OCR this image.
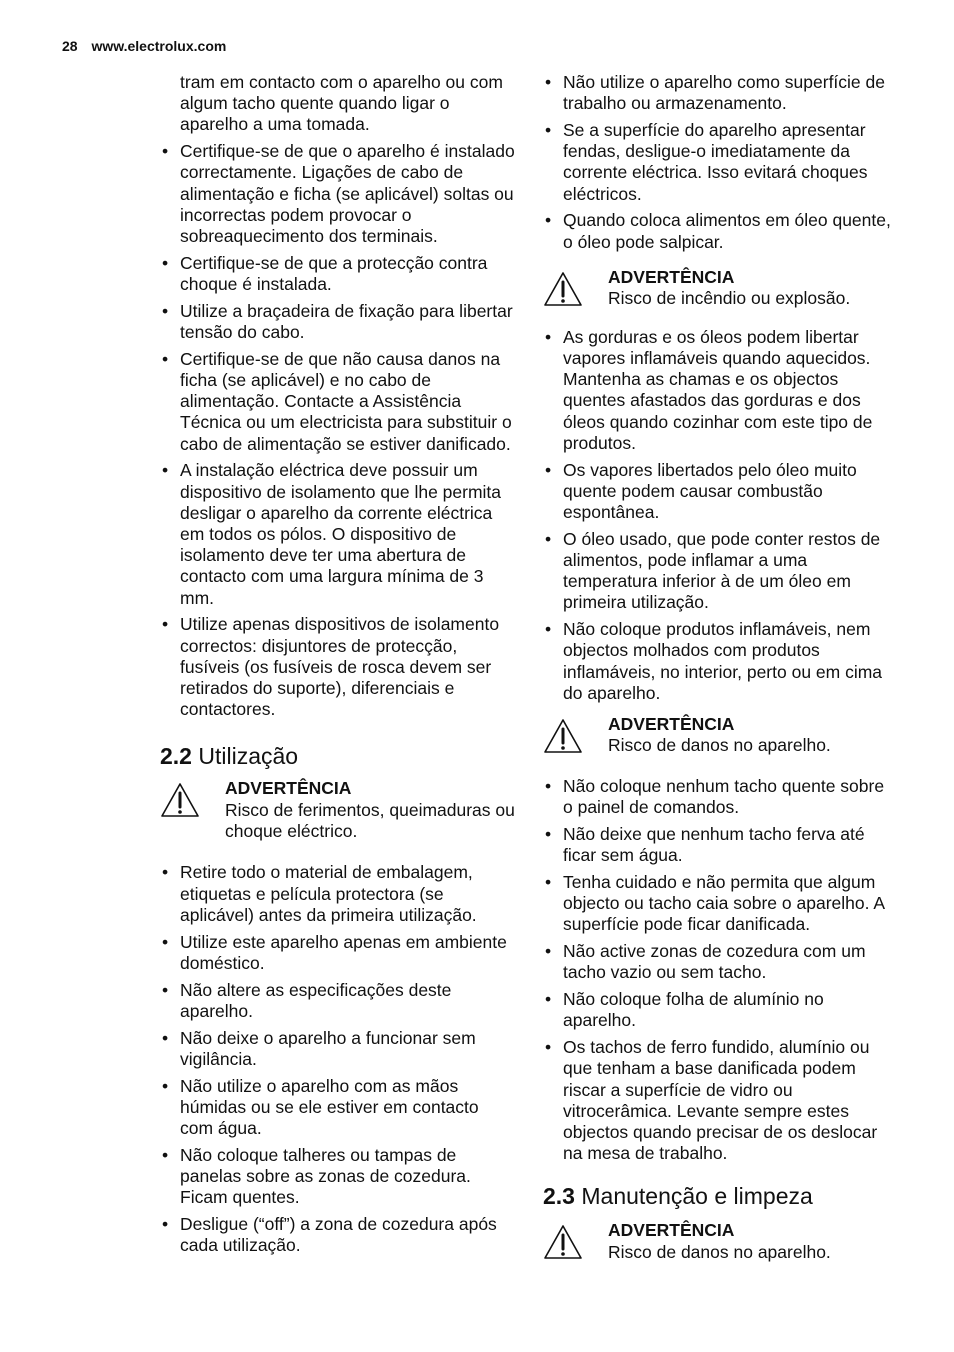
28 www.electrolux.com

tram em contacto com o aparelho ou com algum tacho quente quando ligar o aparelho a uma tomada.

• Certifique-se de que o aparelho é instalado correctamente. Ligações de cabo de alimentação e ficha (se aplicável) soltas ou incorrectas podem provocar o sobreaquecimento dos terminais.
• Certifique-se de que a protecção contra choque é instalada.
• Utilize a braçadeira de fixação para libertar tensão do cabo.
• Certifique-se de que não causa danos na ficha (se aplicável) e no cabo de alimentação. Contacte a Assistência Técnica ou um electricista para substituir o cabo de alimentação se estiver danificado.
• A instalação eléctrica deve possuir um dispositivo de isolamento que lhe permita desligar o aparelho da corrente eléctrica em todos os pólos. O dispositivo de isolamento deve ter uma abertura de contacto com uma largura mínima de 3 mm.
• Utilize apenas dispositivos de isolamento correctos: disjuntores de protecção, fusíveis (os fusíveis de rosca devem ser retirados do suporte), diferenciais e contactores.
2.2 Utilização
ADVERTÊNCIA
Risco de ferimentos, queimaduras ou choque eléctrico.
• Retire todo o material de embalagem, etiquetas e película protectora (se aplicável) antes da primeira utilização.
• Utilize este aparelho apenas em ambiente doméstico.
• Não altere as especificações deste aparelho.
• Não deixe o aparelho a funcionar sem vigilância.
• Não utilize o aparelho com as mãos húmidas ou se ele estiver em contacto com água.
• Não coloque talheres ou tampas de panelas sobre as zonas de cozedura. Ficam quentes.
• Desligue (“off”) a zona de cozedura após cada utilização.
• Não utilize o aparelho como superfície de trabalho ou armazenamento.
• Se a superfície do aparelho apresentar fendas, desligue-o imediatamente da corrente eléctrica. Isso evitará choques eléctricos.
• Quando coloca alimentos em óleo quente, o óleo pode salpicar.
ADVERTÊNCIA
Risco de incêndio ou explosão.
• As gorduras e os óleos podem libertar vapores inflamáveis quando aquecidos. Mantenha as chamas e os objectos quentes afastados das gorduras e dos óleos quando cozinhar com este tipo de produtos.
• Os vapores libertados pelo óleo muito quente podem causar combustão espontânea.
• O óleo usado, que pode conter restos de alimentos, pode inflamar a uma temperatura inferior à de um óleo em primeira utilização.
• Não coloque produtos inflamáveis, nem objectos molhados com produtos inflamáveis, no interior, perto ou em cima do aparelho.
ADVERTÊNCIA
Risco de danos no aparelho.
• Não coloque nenhum tacho quente sobre o painel de comandos.
• Não deixe que nenhum tacho ferva até ficar sem água.
• Tenha cuidado e não permita que algum objecto ou tacho caia sobre o aparelho. A superfície pode ficar danificada.
• Não active zonas de cozedura com um tacho vazio ou sem tacho.
• Não coloque folha de alumínio no aparelho.
• Os tachos de ferro fundido, alumínio ou que tenham a base danificada podem riscar a superfície de vidro ou vitrocerâmica. Levante sempre estes objectos quando precisar de os deslocar na mesa de trabalho.
2.3 Manutenção e limpeza
ADVERTÊNCIA
Risco de danos no aparelho.
